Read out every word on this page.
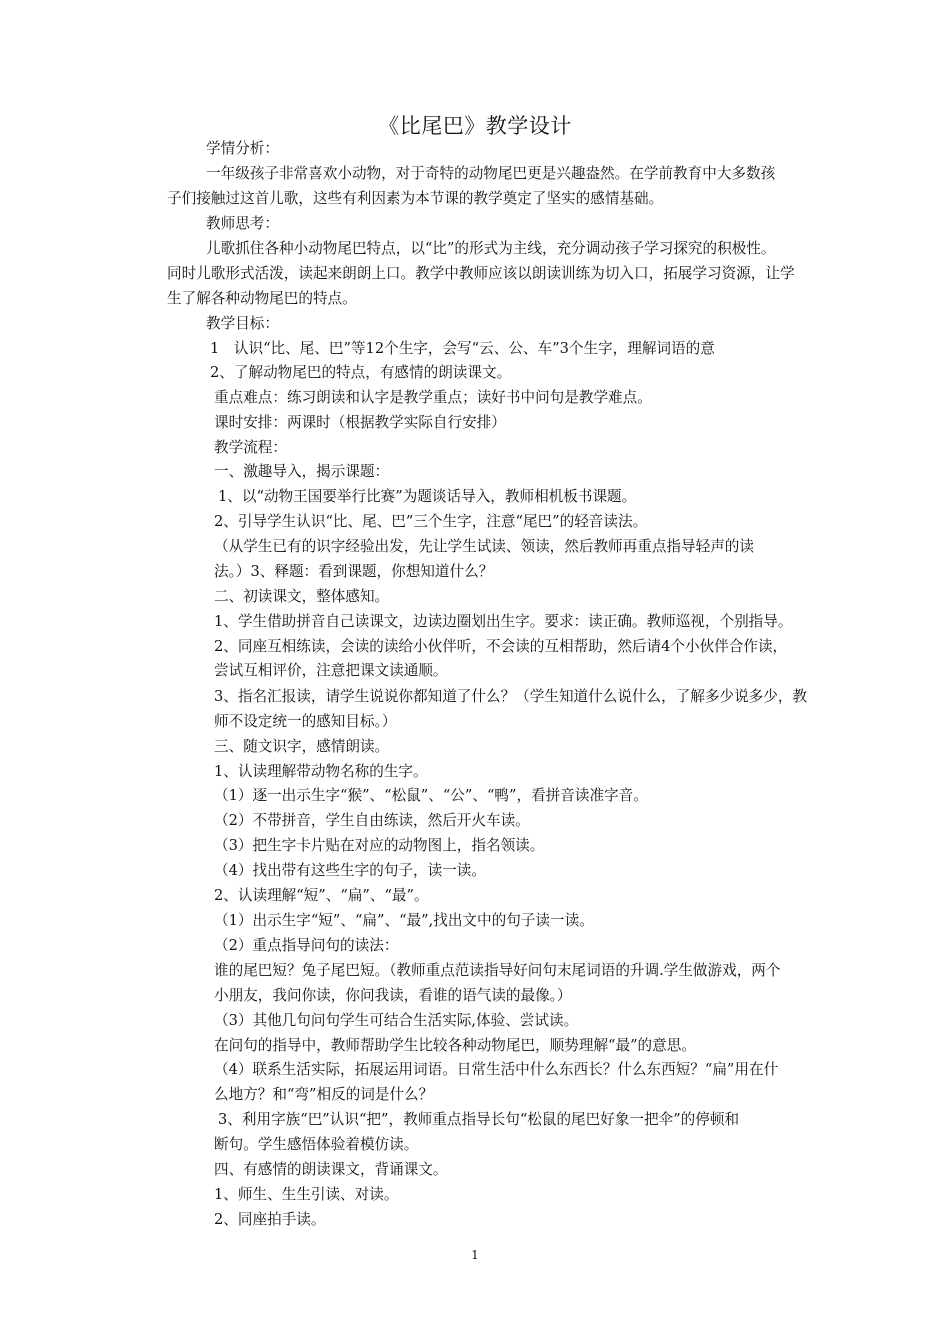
《比尾巴》教学设计
学情分析：
一年级孩子非常喜欢小动物，对于奇特的动物尾巴更是兴趣盎然。在学前教育中大多数孩
子们接触过这首儿歌，这些有利因素为本节课的教学奠定了坚实的感情基础。
教师思考：
儿歌抓住各种小动物尾巴特点，以“比”的形式为主线，充分调动孩子学习探究的积极性。
同时儿歌形式活泼，读起来朗朗上口。教学中教师应该以朗读训练为切入口，拓展学习资源，让学
生了解各种动物尾巴的特点。
教学目标：
1　认识“比、尾、巴”等12个生字，会写“云、公、车”3个生字，理解词语的意
2、了解动物尾巴的特点，有感情的朗读课文。
重点难点：练习朗读和认字是教学重点；读好书中问句是教学难点。
课时安排：两课时（根据教学实际自行安排）
教学流程：
一、激趣导入，揭示课题：
1、以“动物王国要举行比赛”为题谈话导入，教师相机板书课题。
2、引导学生认识“比、尾、巴”三个生字，注意“尾巴”的轻音读法。
（从学生已有的识字经验出发，先让学生试读、领读，然后教师再重点指导轻声的读
法。）3、释题：看到课题，你想知道什么？
二、初读课文，整体感知。
1、学生借助拼音自己读课文，边读边圈划出生字。要求：读正确。教师巡视，个别指导。
2、同座互相练读，会读的读给小伙伴听，不会读的互相帮助，然后请4个小伙伴合作读，
尝试互相评价，注意把课文读通顺。
3、指名汇报读，请学生说说你都知道了什么？（学生知道什么说什么，了解多少说多少，教
师不设定统一的感知目标。）
三、随文识字，感情朗读。
1、认读理解带动物名称的生字。
（1）逐一出示生字“猴”、“松鼠”、“公”、“鸭”，看拼音读准字音。
（2）不带拼音，学生自由练读，然后开火车读。
（3）把生字卡片贴在对应的动物图上，指名领读。
（4）找出带有这些生字的句子，读一读。
2、认读理解“短”、“扁”、“最”。
（1）出示生字“短”、“扁”、“最”,找出文中的句子读一读。
（2）重点指导问句的读法：
谁的尾巴短？兔子尾巴短。（教师重点范读指导好问句末尾词语的升调.学生做游戏，两个
小朋友，我问你读，你问我读，看谁的语气读的最像。）
（3）其他几句问句学生可结合生活实际,体验、尝试读。
在问句的指导中，教师帮助学生比较各种动物尾巴，顺势理解“最”的意思。
（4）联系生活实际，拓展运用词语。日常生活中什么东西长？什么东西短？“扁”用在什
么地方？和“弯”相反的词是什么？
3、利用字族“巴”认识“把”，教师重点指导长句“松鼠的尾巴好象一把伞”的停顿和
断句。学生感悟体验着模仿读。
四、有感情的朗读课文，背诵课文。
1、师生、生生引读、对读。
2、同座拍手读。
1
